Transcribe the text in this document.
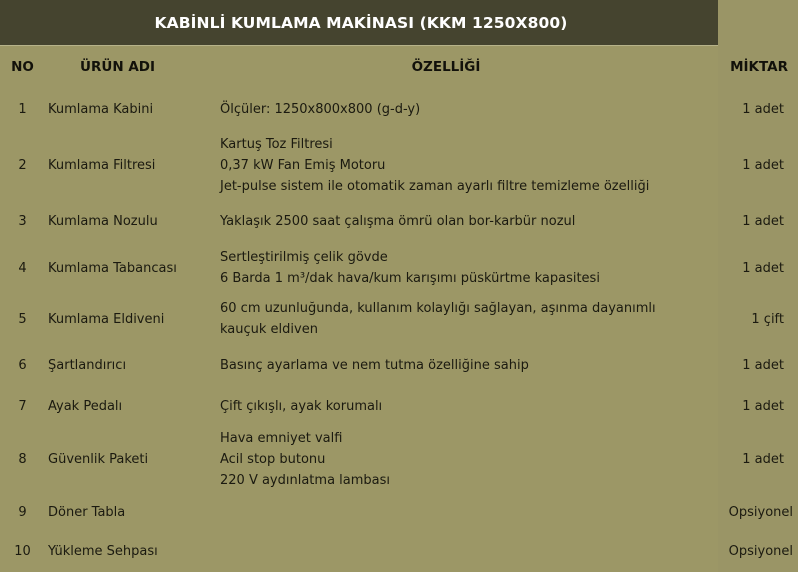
KABİNLİ KUMLAMA MAKİNASI (KKM 1250X800)
NO	ÜRÜN ADI	ÖZELLİĞİ	MİKTAR
1	Kumlama Kabini	Ölçüler: 1250x800x800 (g-d-y)	1 adet
2	Kumlama Filtresi	Kartuş Toz Filtresi
0,37 kW Fan Emiş Motoru
Jet-pulse sistem ile otomatik zaman ayarlı filtre temizleme özelliği	1 adet
3	Kumlama Nozulu	Yaklaşık 2500 saat çalışma ömrü olan bor-karbür nozul	1 adet
4	Kumlama Tabancası	Sertleştirilmiş çelik gövde
6 Barda 1 m³/dak hava/kum karışımı püskürtme kapasitesi	1 adet
5	Kumlama Eldiveni	60 cm uzunluğunda, kullanım kolaylığı sağlayan, aşınma dayanımlı
kauçuk eldiven	1 çift
6	Şartlandırıcı	Basınç ayarlama ve nem tutma özelliğine sahip	1 adet
7	Ayak Pedalı	Çift çıkışlı, ayak korumalı	1 adet
8	Güvenlik Paketi	Hava emniyet valfi
Acil stop butonu
220 V aydınlatma lambası	1 adet
9	Döner Tabla		Opsiyonel
10	Yükleme Sehpası		Opsiyonel
